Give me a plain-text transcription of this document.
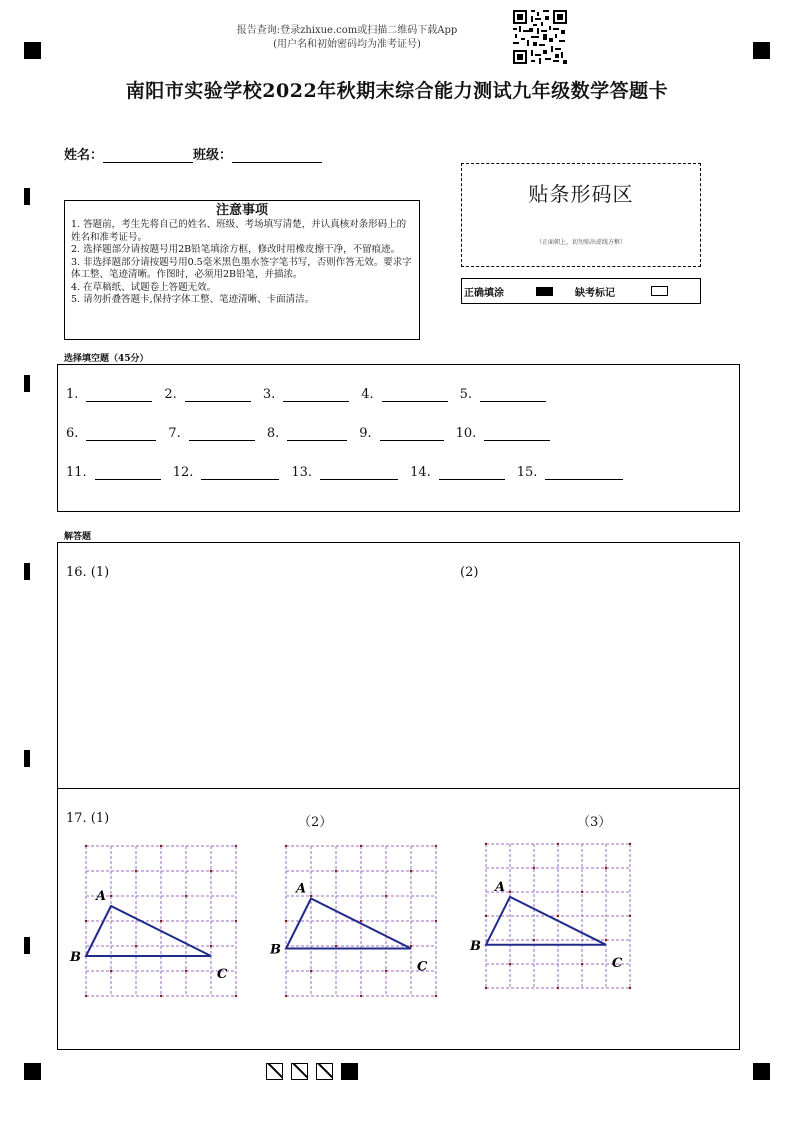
报告查询:登录zhixue.com或扫描二维码下载App
(用户名和初始密码均为准考证号)
南阳市实验学校2022年秋期末综合能力测试九年级数学答题卡
姓名：	班级：
注意事项
1. 答题前，考生先将自己的姓名、班级、考场填写清楚，并认真核对条形码上的姓名和准考证号。
2. 选择题部分请按题号用2B铅笔填涂方框，修改时用橡皮擦干净，不留痕迹。
3. 非选择题部分请按题号用0.5毫米黑色墨水签字笔书写，否则作答无效。要求字体工整、笔迹清晰。作图时，必须用2B铅笔，并描浓。
4. 在草稿纸、试题卷上答题无效。
5. 请勿折叠答题卡,保持字体工整、笔迹清晰、卡面清洁。
贴条形码区
（正面朝上，切勿贴出虚线方框）
正确填涂	缺考标记
选择填空题（45分）
1.	2.	3.	4.	5.
6.	7.	8.	9.	10.
11.	12.	13.	14.	15.
解答题
16. (1)	(2)
17. (1)	（2）	（3）
A
B
C
A
B
C
A
B
C
